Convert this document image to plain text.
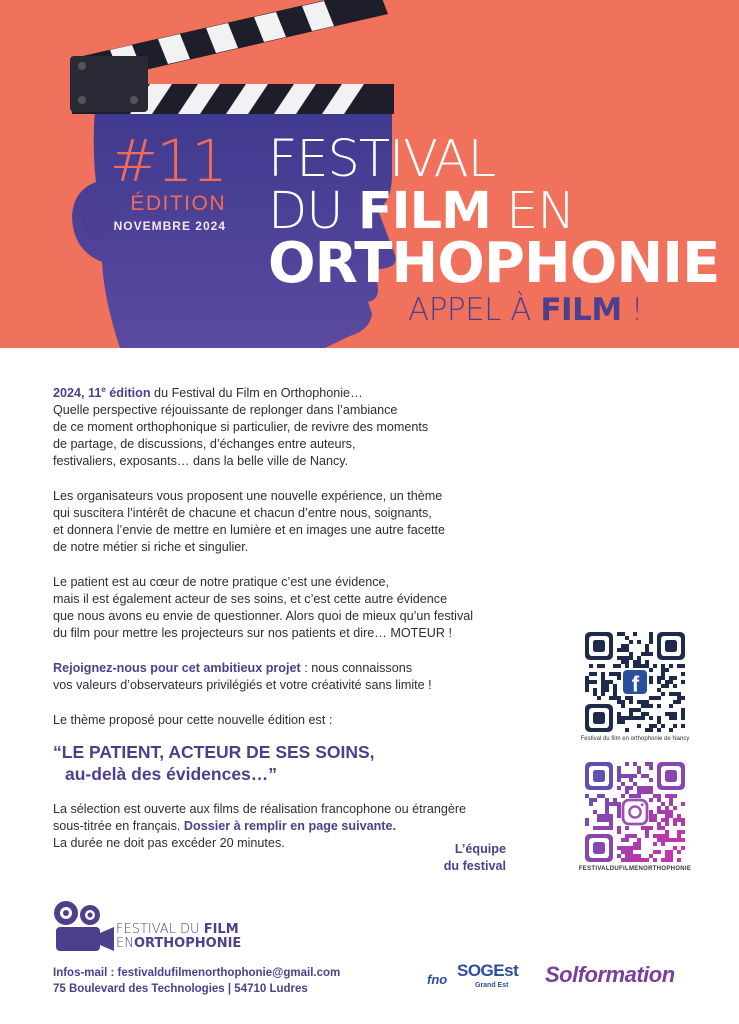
#11
ÉDITION
NOVEMBRE 2024
FESTIVAL
DU FILM EN
ORTHOPHONIE
APPEL À FILM !

2024, 11e édition du Festival du Film en Orthophonie…
Quelle perspective réjouissante de replonger dans l’ambiance
de ce moment orthophonique si particulier, de revivre des moments
de partage, de discussions, d’échanges entre auteurs,
festivaliers, exposants… dans la belle ville de Nancy.

Les organisateurs vous proposent une nouvelle expérience, un thème
qui suscitera l’intérêt de chacune et chacun d’entre nous, soignants,
et donnera l’envie de mettre en lumière et en images une autre facette
de notre métier si riche et singulier.

Le patient est au cœur de notre pratique c’est une évidence,
mais il est également acteur de ses soins, et c’est cette autre évidence
que nous avons eu envie de questionner. Alors quoi de mieux qu’un festival
du film pour mettre les projecteurs sur nos patients et dire… MOTEUR !

Rejoignez-nous pour cet ambitieux projet : nous connaissons
vos valeurs d’observateurs privilégiés et votre créativité sans limite !

Le thème proposé pour cette nouvelle édition est :

“LE PATIENT, ACTEUR DE SES SOINS,
au-delà des évidences…”

La sélection est ouverte aux films de réalisation francophone ou étrangère
sous-titrée en français. Dossier à remplir en page suivante.
La durée ne doit pas excéder 20 minutes.	L’équipe
du festival
f
Festival du film en orthophonie de Nancy
FESTIVALDUFILMENORTHOPHONIE
FESTIVAL DU FILM
ENORTHOPHONIE
Infos-mail : festivaldufilmenorthophonie@gmail.com
75 Boulevard des Technologies | 54710 Ludres
fno SOGEst
Grand Est Solformation
